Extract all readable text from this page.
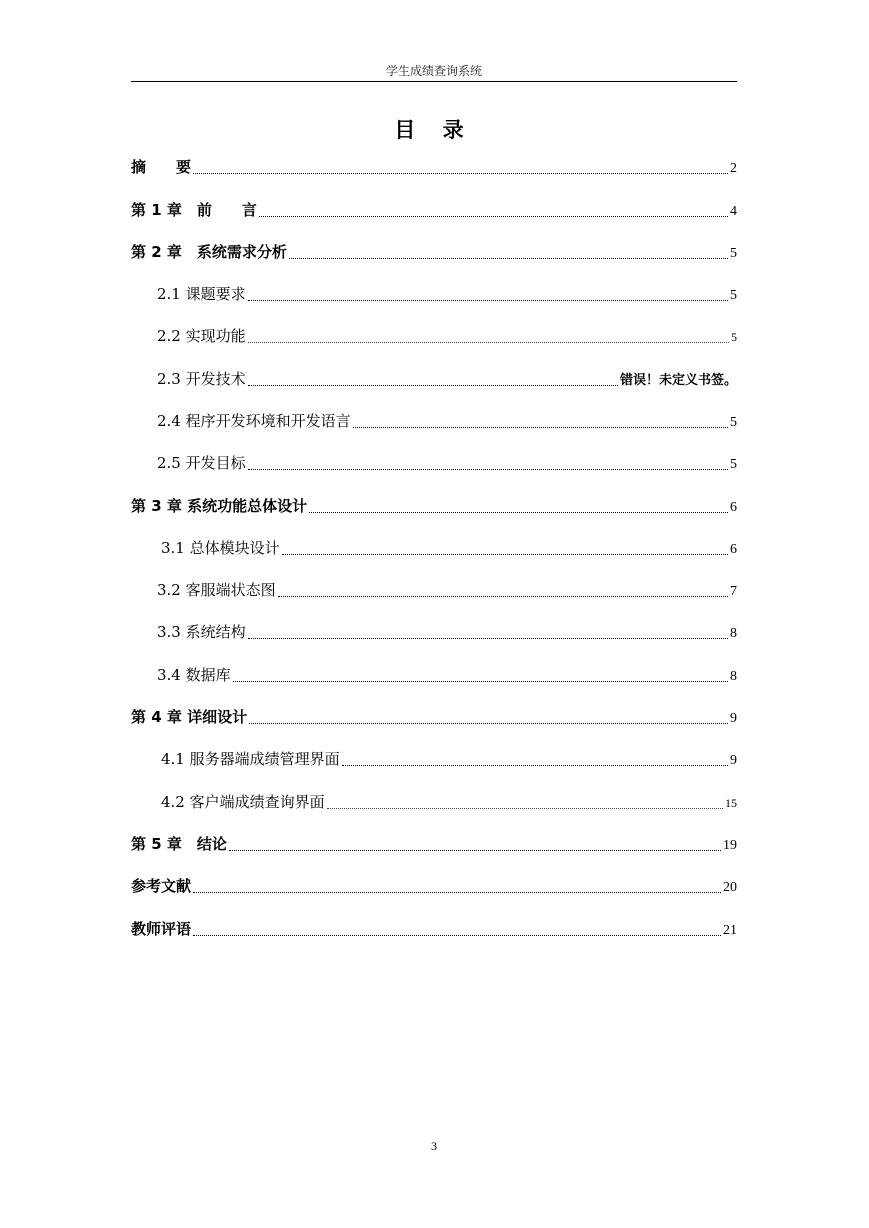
学生成绩查询系统
目 录
摘　　要	2
第 1 章　前　　言	4
第 2 章　系统需求分析	5
2.1 课题要求	5
2.2 实现功能	5
2.3 开发技术	错误！未定义书签。
2.4 程序开发环境和开发语言	5
2.5 开发目标	5
第 3 章 系统功能总体设计	6
3.1 总体模块设计	6
3.2 客服端状态图	7
3.3 系统结构	8
3.4 数据库	8
第 4 章 详细设计	9
4.1 服务器端成绩管理界面	9
4.2 客户端成绩查询界面	15
第 5 章　结论	19
参考文献	20
教师评语	21
3
